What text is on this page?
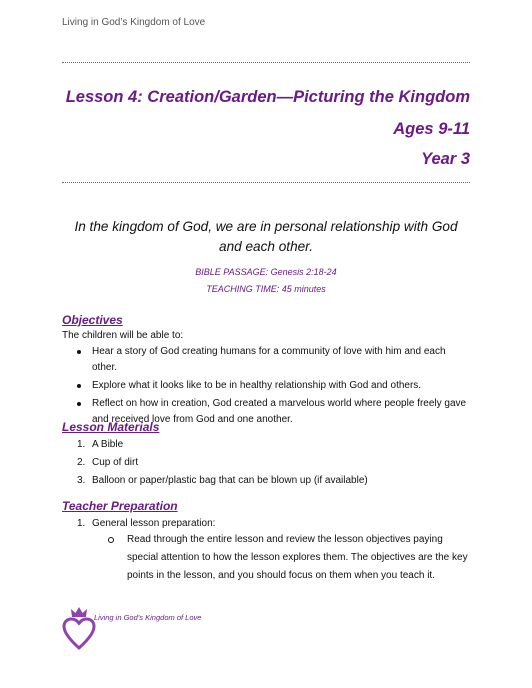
Living in God’s Kingdom of Love
Lesson 4: Creation/Garden—Picturing the Kingdom
Ages 9-11
Year 3
In the kingdom of God, we are in personal relationship with God and each other.
BIBLE PASSAGE: Genesis 2:18-24
TEACHING TIME: 45 minutes
Objectives
The children will be able to:
Hear a story of God creating humans for a community of love with him and each other.
Explore what it looks like to be in healthy relationship with God and others.
Reflect on how in creation, God created a marvelous world where people freely gave and received love from God and one another.
Lesson Materials
1. A Bible
2. Cup of dirt
3. Balloon or paper/plastic bag that can be blown up (if available)
Teacher Preparation
1. General lesson preparation:
Read through the entire lesson and review the lesson objectives paying special attention to how the lesson explores them. The objectives are the key points in the lesson, and you should focus on them when you teach it.
Living in God’s Kingdom of Love
